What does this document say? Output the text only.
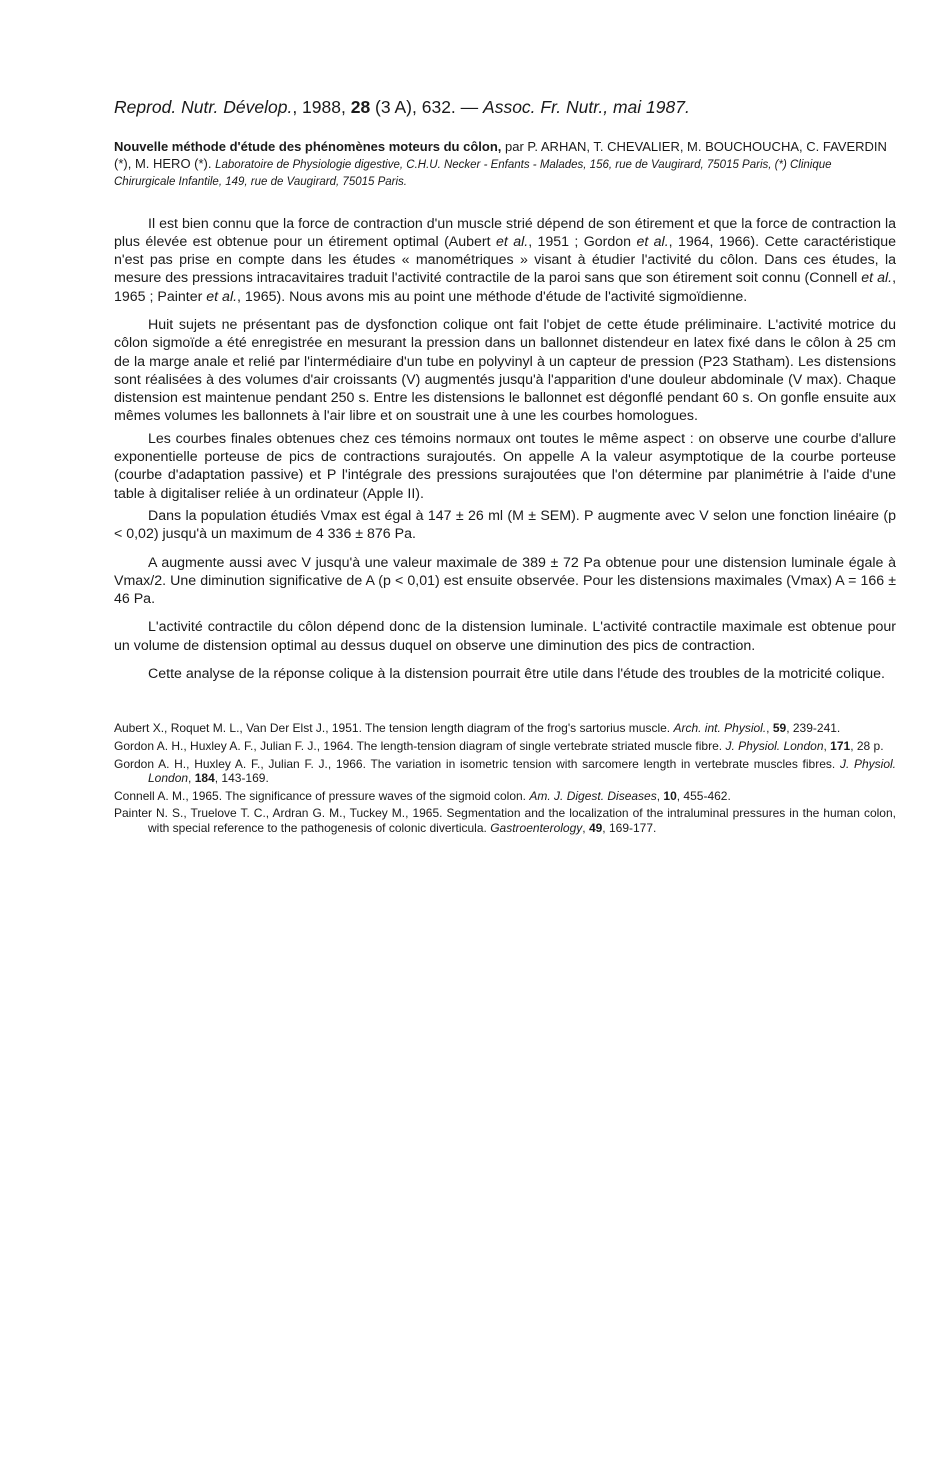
Reprod. Nutr. Dévelop., 1988, 28 (3 A), 632. — Assoc. Fr. Nutr., mai 1987.
Nouvelle méthode d'étude des phénomènes moteurs du côlon, par P. ARHAN, T. CHEVALIER, M. BOUCHOUCHA, C. FAVERDIN (*), M. HERO (*). Laboratoire de Physiologie digestive, C.H.U. Necker - Enfants - Malades, 156, rue de Vaugirard, 75015 Paris, (*) Clinique Chirurgicale Infantile, 149, rue de Vaugirard, 75015 Paris.

Il est bien connu que la force de contraction d'un muscle strié dépend de son étirement et que la force de contraction la plus élevée est obtenue pour un étirement optimal (Aubert et al., 1951 ; Gordon et al., 1964, 1966). Cette caractéristique n'est pas prise en compte dans les études « manométriques » visant à étudier l'activité du côlon. Dans ces études, la mesure des pressions intracavitaires traduit l'activité contractile de la paroi sans que son étirement soit connu (Connell et al., 1965 ; Painter et al., 1965). Nous avons mis au point une méthode d'étude de l'activité sigmoïdienne.

Huit sujets ne présentant pas de dysfonction colique ont fait l'objet de cette étude préliminaire. L'activité motrice du côlon sigmoïde a été enregistrée en mesurant la pression dans un ballonnet distendeur en latex fixé dans le côlon à 25 cm de la marge anale et relié par l'intermédiaire d'un tube en polyvinyl à un capteur de pression (P23 Statham). Les distensions sont réalisées à des volumes d'air croissants (V) augmentés jusqu'à l'apparition d'une douleur abdominale (V max). Chaque distension est maintenue pendant 250 s. Entre les distensions le ballonnet est dégonflé pendant 60 s. On gonfle ensuite aux mêmes volumes les ballonnets à l'air libre et on soustrait une à une les courbes homologues.

Les courbes finales obtenues chez ces témoins normaux ont toutes le même aspect : on observe une courbe d'allure exponentielle porteuse de pics de contractions surajoutés. On appelle A la valeur asymptotique de la courbe porteuse (courbe d'adaptation passive) et P l'intégrale des pressions surajoutées que l'on détermine par planimétrie à l'aide d'une table à digitaliser reliée à un ordinateur (Apple II).

Dans la population étudiés Vmax est égal à 147 ± 26 ml (M ± SEM). P augmente avec V selon une fonction linéaire (p < 0,02) jusqu'à un maximum de 4 336 ± 876 Pa.

A augmente aussi avec V jusqu'à une valeur maximale de 389 ± 72 Pa obtenue pour une distension luminale égale à Vmax/2. Une diminution significative de A (p < 0,01) est ensuite observée. Pour les distensions maximales (Vmax) A = 166 ± 46 Pa.

L'activité contractile du côlon dépend donc de la distension luminale. L'activité contractile maximale est obtenue pour un volume de distension optimal au dessus duquel on observe une diminution des pics de contraction.

Cette analyse de la réponse colique à la distension pourrait être utile dans l'étude des troubles de la motricité colique.

Aubert X., Roquet M. L., Van Der Elst J., 1951. The tension length diagram of the frog's sartorius muscle. Arch. int. Physiol., 59, 239-241.
Gordon A. H., Huxley A. F., Julian F. J., 1964. The length-tension diagram of single vertebrate striated muscle fibre. J. Physiol. London, 171, 28 p.
Gordon A. H., Huxley A. F., Julian F. J., 1966. The variation in isometric tension with sarcomere length in vertebrate muscles fibres. J. Physiol. London, 184, 143-169.
Connell A. M., 1965. The significance of pressure waves of the sigmoid colon. Am. J. Digest. Diseases, 10, 455-462.
Painter N. S., Truelove T. C., Ardran G. M., Tuckey M., 1965. Segmentation and the localization of the intraluminal pressures in the human colon, with special reference to the pathogenesis of colonic diverticula. Gastroenterology, 49, 169-177.
